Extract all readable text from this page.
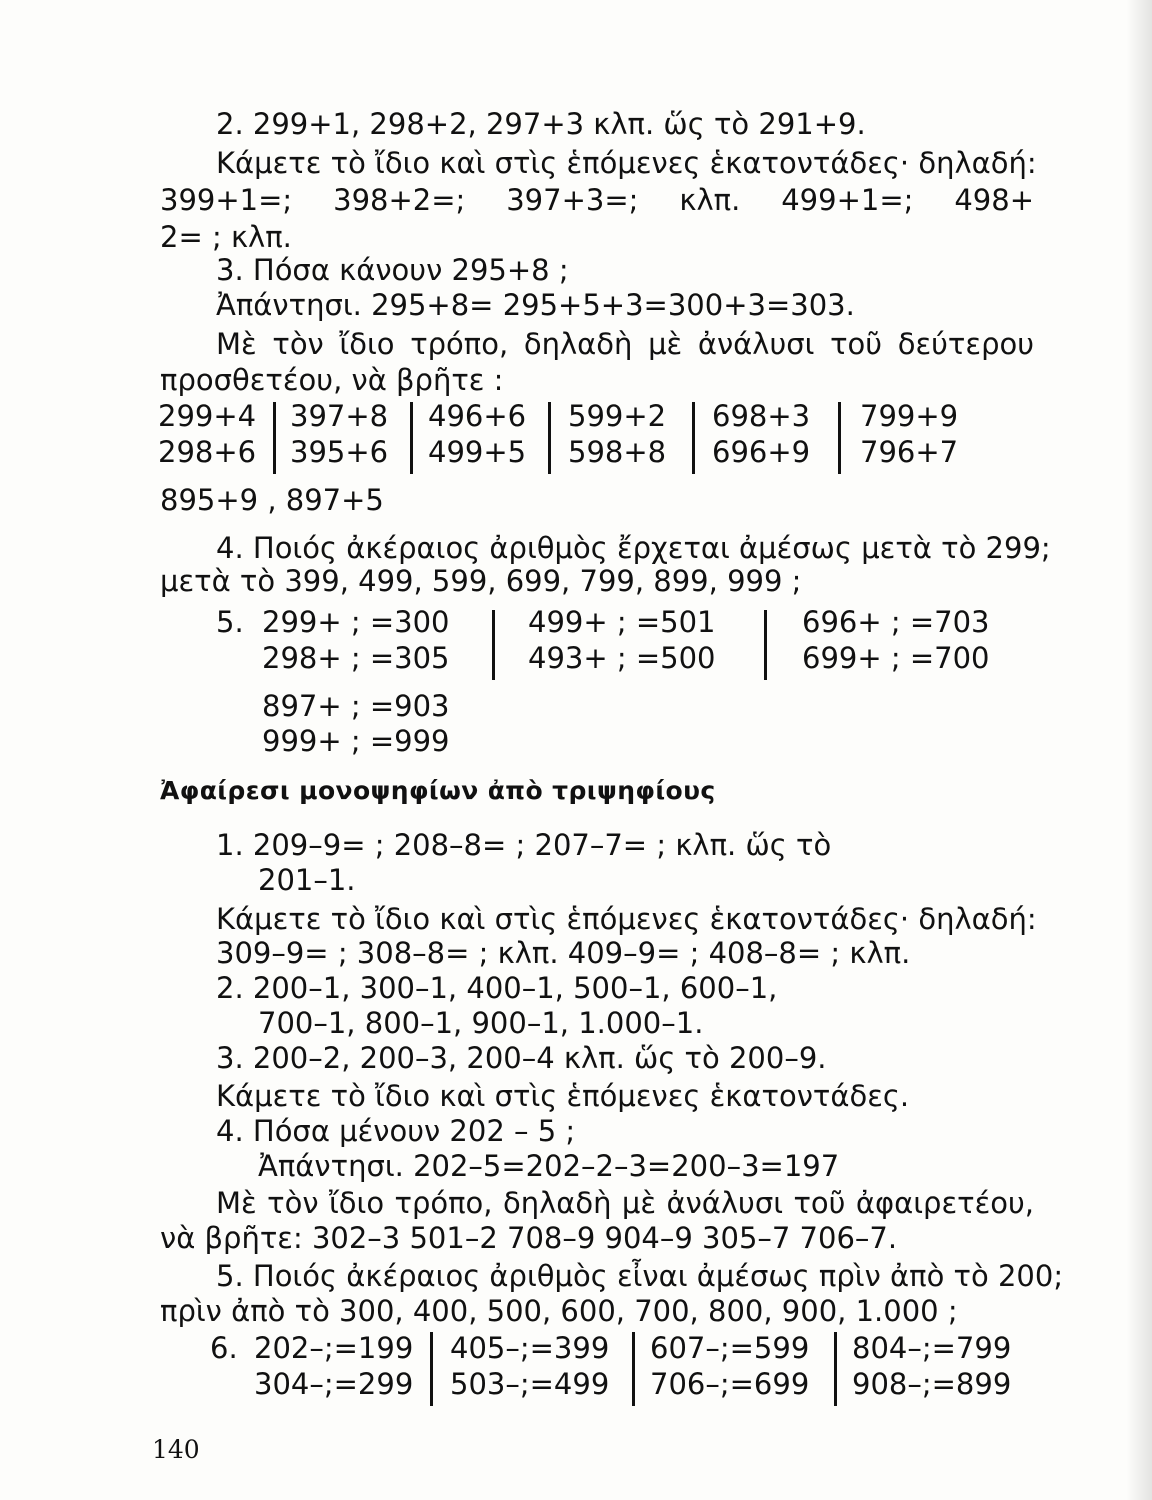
2. 299+1, 298+2, 297+3 κλπ. ὥς τὸ 291+9.
Κάμετε τὸ ἴδιο καὶ στὶς ἑπόμενες ἑκατοντάδες· δηλαδή:
399+1=; 398+2=; 397+3=; κλπ. 499+1=; 498+
2= ; κλπ.
3. Πόσα κάνουν 295+8 ;
Ἀπάντησι. 295+8= 295+5+3=300+3=303.
Μὲ τὸν ἴδιο τρόπο, δηλαδὴ μὲ ἀνάλυσι τοῦ δεύτερου
προσθετέου, νὰ βρῆτε :
299+4
298+6
397+8
395+6
496+6
499+5
599+2
598+8
698+3
696+9
799+9
796+7
895+9 , 897+5
4. Ποιός ἀκέραιος ἀριθμὸς ἔρχεται ἀμέσως μετὰ τὸ 299;
μετὰ τὸ 399, 499, 599, 699, 799, 899, 999 ;
5. 299+ ; =300
298+ ; =305
499+ ; =501
493+ ; =500
696+ ; =703
699+ ; =700
897+ ; =903
999+ ; =999
Ἀφαίρεσι μονοψηφίων ἀπὸ τριψηφίους
1. 209–9= ; 208–8= ; 207–7= ; κλπ. ὥς τὸ
201–1.
Κάμετε τὸ ἴδιο καὶ στὶς ἑπόμενες ἑκατοντάδες· δηλαδή:
309–9= ; 308–8= ; κλπ. 409–9= ; 408–8= ; κλπ.
2. 200–1, 300–1, 400–1, 500–1, 600–1,
700–1, 800–1, 900–1, 1.000–1.
3. 200–2, 200–3, 200–4 κλπ. ὥς τὸ 200–9.
Κάμετε τὸ ἴδιο καὶ στὶς ἑπόμενες ἑκατοντάδες.
4. Πόσα μένουν 202 – 5 ;
Ἀπάντησι. 202–5=202–2–3=200–3=197
Μὲ τὸν ἴδιο τρόπο, δηλαδὴ μὲ ἀνάλυσι τοῦ ἀφαιρετέου,
νὰ βρῆτε: 302–3 501–2 708–9 904–9 305–7 706–7.
5. Ποιός ἀκέραιος ἀριθμὸς εἶναι ἀμέσως πρὶν ἀπὸ τὸ 200;
πρὶν ἀπὸ τὸ 300, 400, 500, 600, 700, 800, 900, 1.000 ;
6. 202–;=199
304–;=299
405–;=399
503–;=499
607–;=599
706–;=699
804–;=799
908–;=899
140
